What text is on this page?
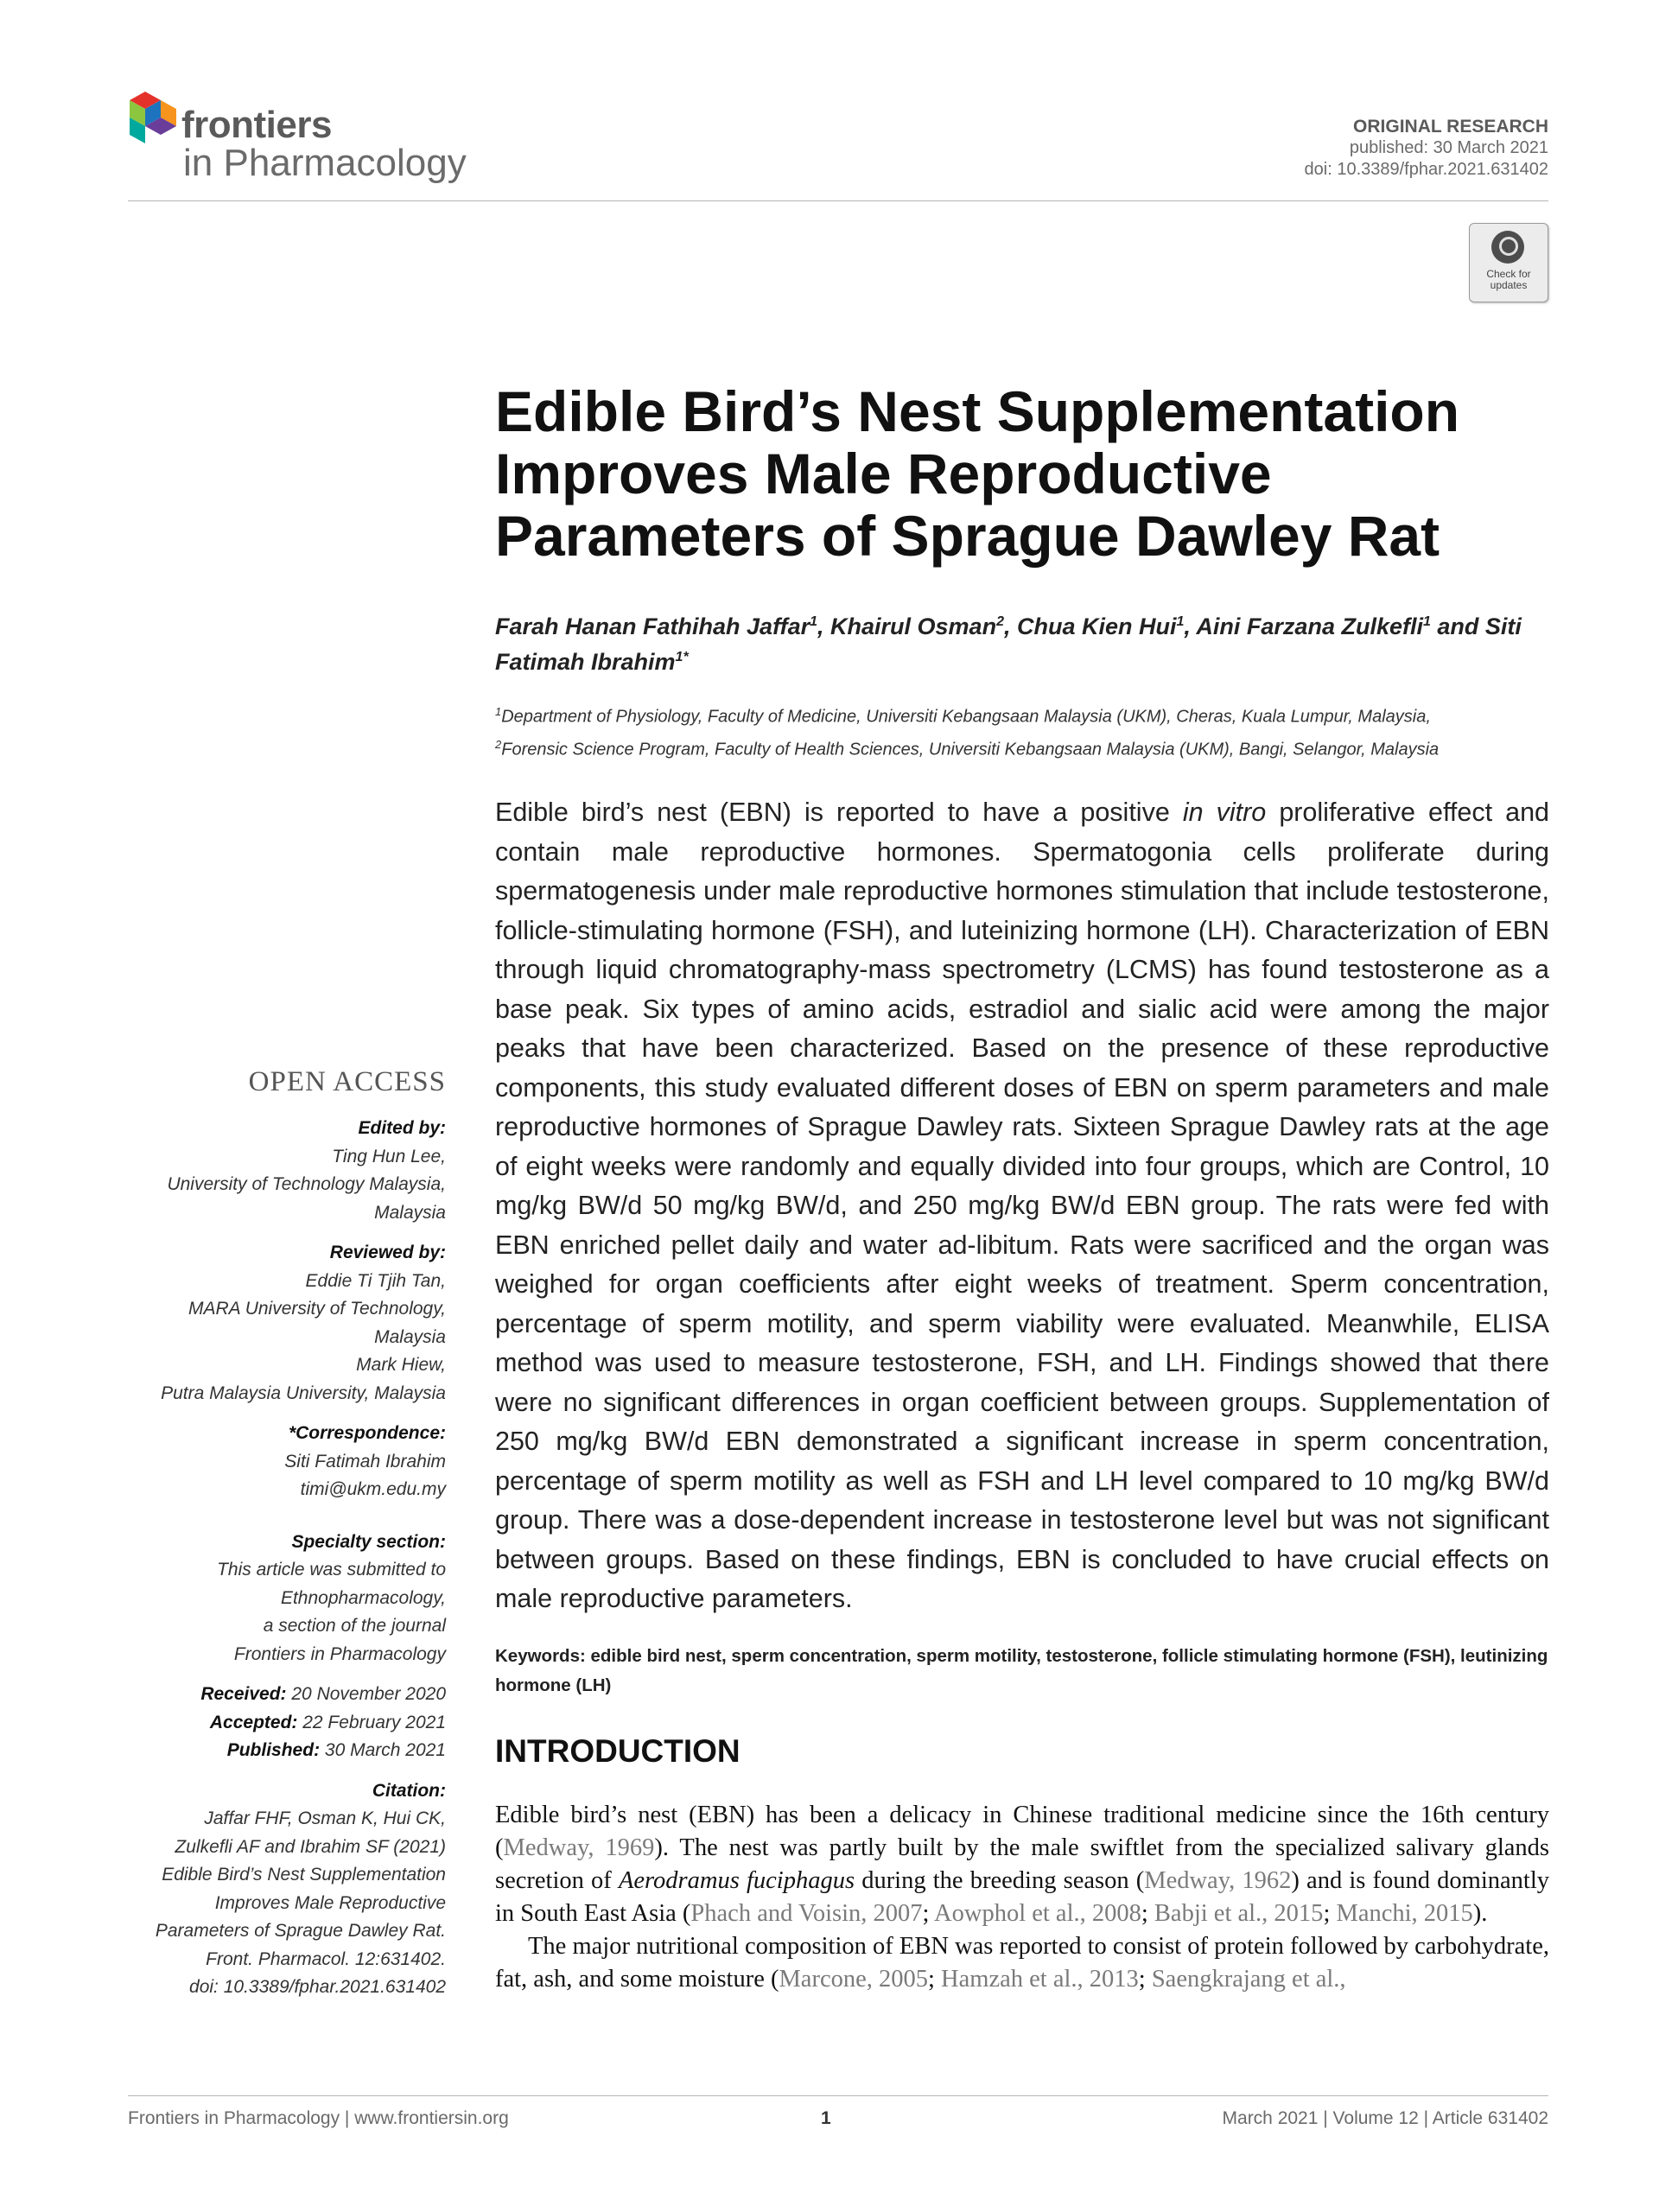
frontiers
in Pharmacology
ORIGINAL RESEARCH
published: 30 March 2021
doi: 10.3389/fphar.2021.631402
Check for updates
Edible Bird’s Nest Supplementation Improves Male Reproductive Parameters of Sprague Dawley Rat
Farah Hanan Fathihah Jaffar$^1$, Khairul Osman$^2$, Chua Kien Hui$^1$, Aini Farzana Zulkefli$^1$ and Siti Fatimah Ibrahim$^{1*}$
$^1$Department of Physiology, Faculty of Medicine, Universiti Kebangsaan Malaysia (UKM), Cheras, Kuala Lumpur, Malaysia,
$^2$Forensic Science Program, Faculty of Health Sciences, Universiti Kebangsaan Malaysia (UKM), Bangi, Selangor, Malaysia
Edible bird’s nest (EBN) is reported to have a positive in vitro proliferative effect and contain male reproductive hormones. Spermatogonia cells proliferate during spermatogenesis under male reproductive hormones stimulation that include testosterone, follicle-stimulating hormone (FSH), and luteinizing hormone (LH). Characterization of EBN through liquid chromatography-mass spectrometry (LCMS) has found testosterone as a base peak. Six types of amino acids, estradiol and sialic acid were among the major peaks that have been characterized. Based on the presence of these reproductive components, this study evaluated different doses of EBN on sperm parameters and male reproductive hormones of Sprague Dawley rats. Sixteen Sprague Dawley rats at the age of eight weeks were randomly and equally divided into four groups, which are Control, 10 mg/kg BW/d 50 mg/kg BW/d, and 250 mg/kg BW/d EBN group. The rats were fed with EBN enriched pellet daily and water ad-libitum. Rats were sacrificed and the organ was weighed for organ coefficients after eight weeks of treatment. Sperm concentration, percentage of sperm motility, and sperm viability were evaluated. Meanwhile, ELISA method was used to measure testosterone, FSH, and LH. Findings showed that there were no significant differences in organ coefficient between groups. Supplementation of 250 mg/kg BW/d EBN demonstrated a significant increase in sperm concentration, percentage of sperm motility as well as FSH and LH level compared to 10 mg/kg BW/d group. There was a dose-dependent increase in testosterone level but was not significant between groups. Based on these findings, EBN is concluded to have crucial effects on male reproductive parameters.
Keywords: edible bird nest, sperm concentration, sperm motility, testosterone, follicle stimulating hormone (FSH), leutinizing hormone (LH)
INTRODUCTION

Edible bird’s nest (EBN) has been a delicacy in Chinese traditional medicine since the 16th century (Medway, 1969). The nest was partly built by the male swiftlet from the specialized salivary glands secretion of Aerodramus fuciphagus during the breeding season (Medway, 1962) and is found dominantly in South East Asia (Phach and Voisin, 2007; Aowphol et al., 2008; Babji et al., 2015; Manchi, 2015).

The major nutritional composition of EBN was reported to consist of protein followed by carbohydrate, fat, ash, and some moisture (Marcone, 2005; Hamzah et al., 2013; Saengkrajang et al.,

OPEN ACCESS
Edited by:
Ting Hun Lee,
University of Technology Malaysia,
Malaysia
Reviewed by:
Eddie Ti Tjih Tan,
MARA University of Technology,
Malaysia
Mark Hiew,
Putra Malaysia University, Malaysia
*Correspondence:
Siti Fatimah Ibrahim
timi@ukm.edu.my
Specialty section:
This article was submitted to
Ethnopharmacology,
a section of the journal
Frontiers in Pharmacology
Received: 20 November 2020
Accepted: 22 February 2021
Published: 30 March 2021
Citation:
Jaffar FHF, Osman K, Hui CK,
Zulkefli AF and Ibrahim SF (2021)
Edible Bird’s Nest Supplementation
Improves Male Reproductive
Parameters of Sprague Dawley Rat.
Front. Pharmacol. 12:631402.
doi: 10.3389/fphar.2021.631402
Frontiers in Pharmacology | www.frontiersin.org	1	March 2021 | Volume 12 | Article 631402
